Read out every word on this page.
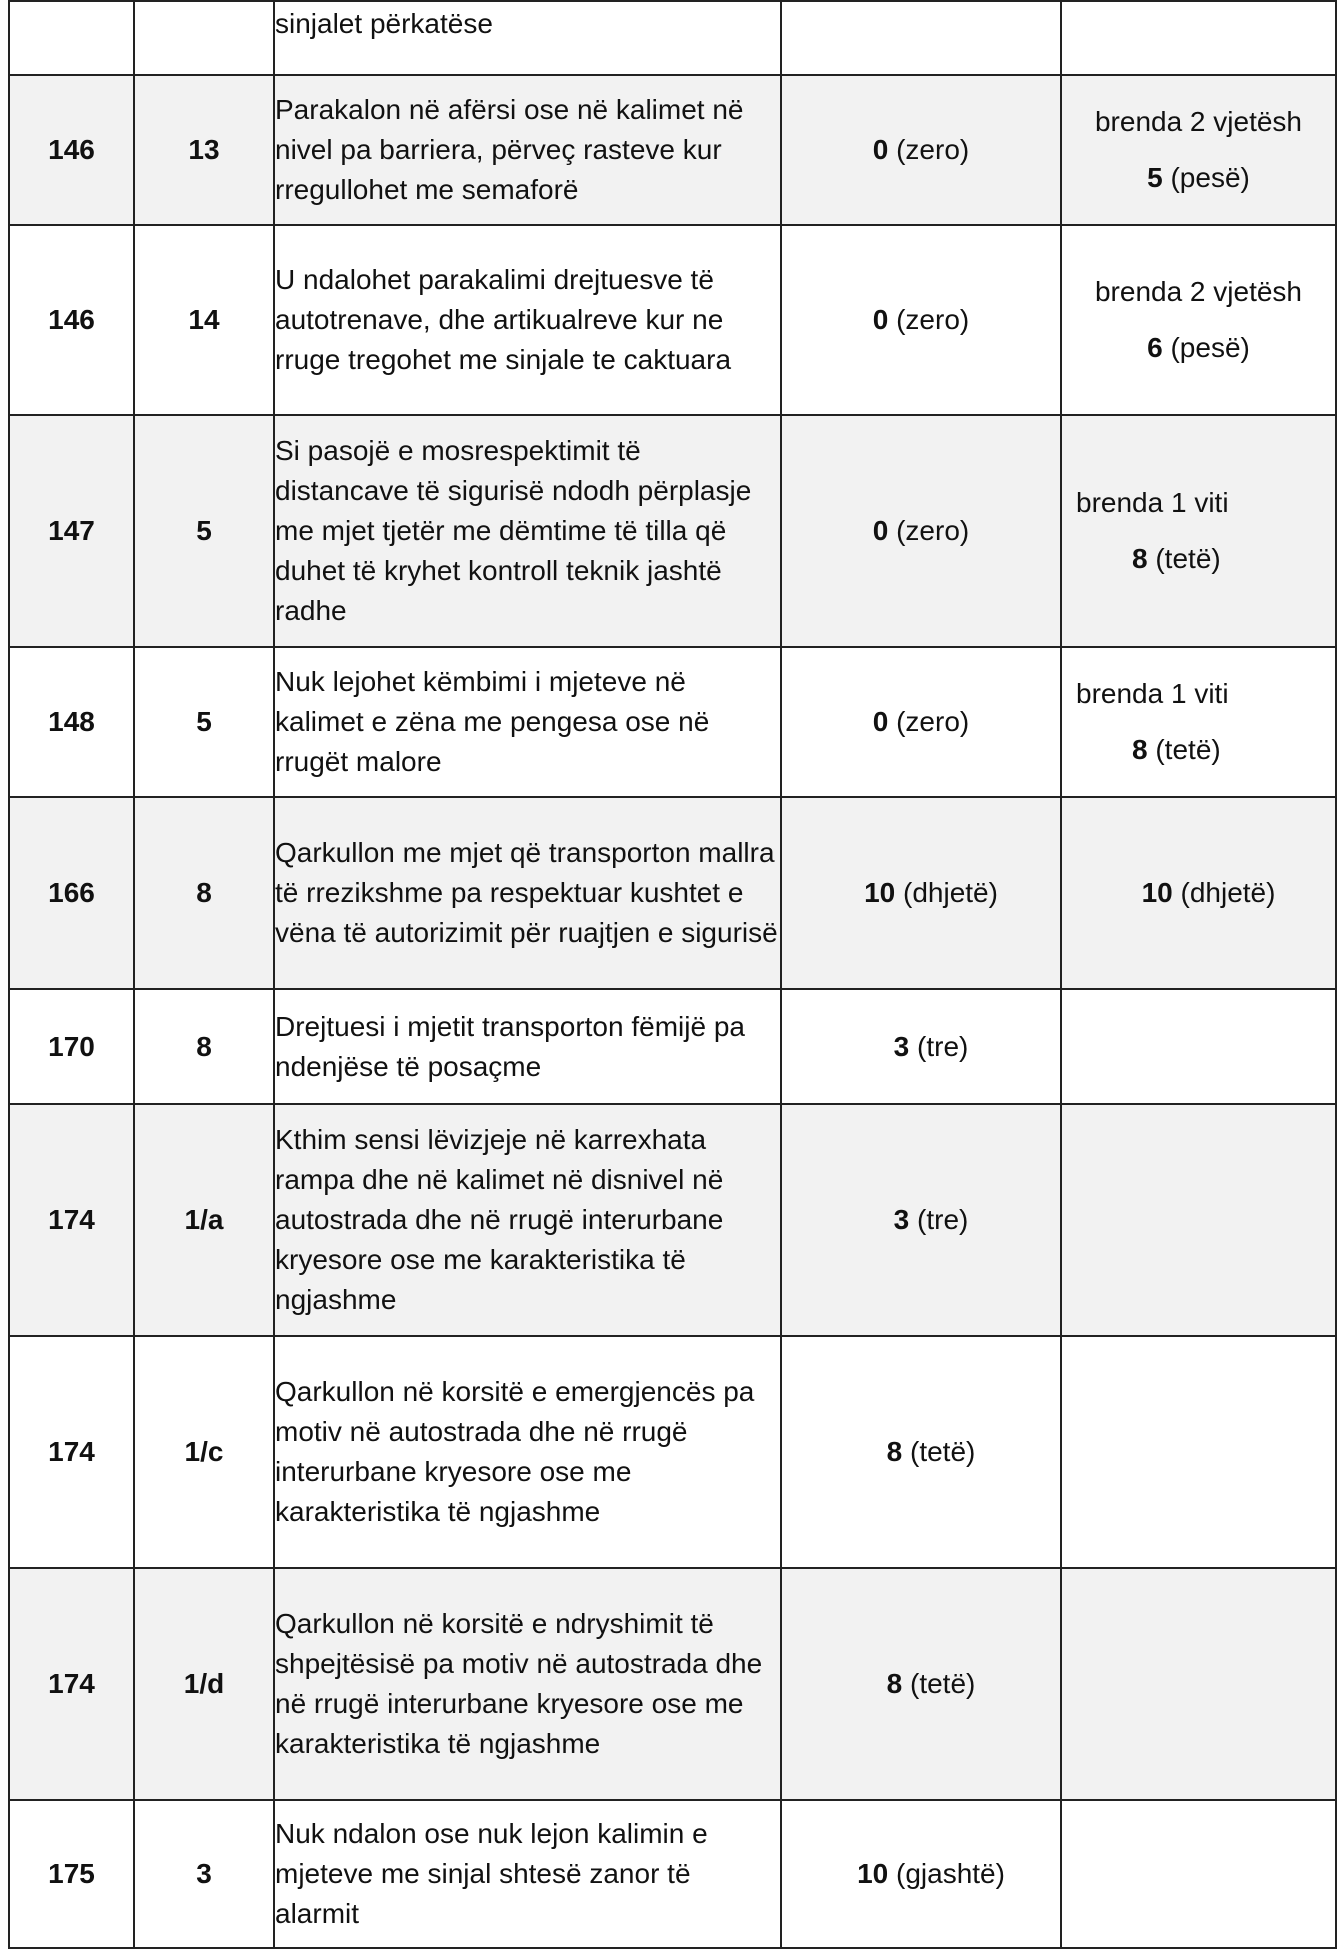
		sinjalet përkatëse		
146	13	Parakalon në afërsi ose në kalimet në nivel pa barriera, përveç rasteve kur rregullohet me semaforë	0 (zero)	brenda 2 vjetësh
5 (pesë)

146	14	U ndalohet parakalimi drejtuesve të autotrenave, dhe artikualreve kur ne rruge tregohet me sinjale te caktuara	0 (zero)	brenda 2 vjetësh
6 (pesë)

147	5	Si pasojë e mosrespektimit të distancave të sigurisë ndodh përplasje me mjet tjetër me dëmtime të tilla që duhet të kryhet kontroll teknik jashtë radhe	0 (zero)	brenda 1 viti
8 (tetë)

148	5	Nuk lejohet këmbimi i mjeteve në kalimet e zëna me pengesa ose në rrugët malore	0 (zero)	brenda 1 viti
8 (tetë)

166	8	Qarkullon me mjet që transporton mallra të rrezikshme pa respektuar kushtet e vëna të autorizimit për ruajtjen e sigurisë	10 (dhjetë)	10 (dhjetë)
170	8	Drejtuesi i mjetit transporton fëmijë pa ndenjëse të posaçme	3 (tre)	
174	1/a	Kthim sensi lëvizjeje në karrexhata rampa dhe në kalimet në disnivel në autostrada dhe në rrugë interurbane kryesore ose me karakteristika të ngjashme	3 (tre)	
174	1/c	Qarkullon në korsitë e emergjencës pa motiv në autostrada dhe në rrugë interurbane kryesore ose me karakteristika të ngjashme	8 (tetë)	
174	1/d	Qarkullon në korsitë e ndryshimit të shpejtësisë pa motiv në autostrada dhe në rrugë interurbane kryesore ose me karakteristika të ngjashme	8 (tetë)	
175	3	Nuk ndalon ose nuk lejon kalimin e mjeteve me sinjal shtesë zanor të alarmit	10 (gjashtë)	
